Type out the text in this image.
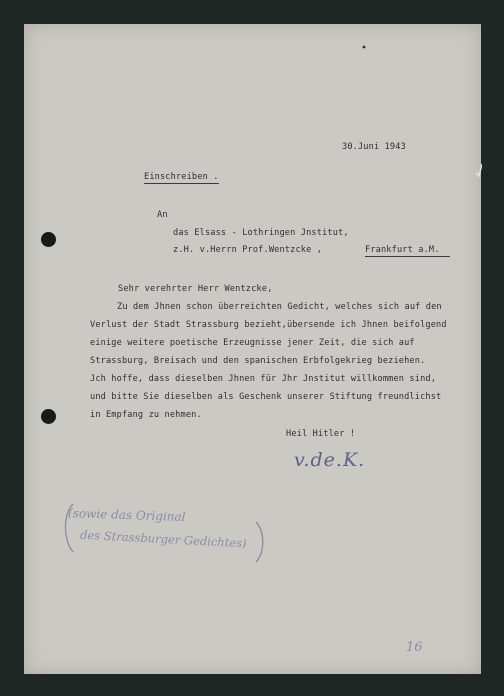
30.Juni 1943

Einschreiben .

An

das Elsass - Lothringen Jnstitut,

z.H. v.Herrn Prof.Wentzcke ,	Frankfurt a.M.

Sehr verehrter Herr Wentzcke,

Zu dem Jhnen schon überreichten Gedicht, welches sich auf den

Verlust der Stadt Strassburg bezieht,übersende ich Jhnen beifolgend

einige weitere poetische Erzeugnisse jener Zeit, die sich auf

Strassburg, Breisach und den spanischen Erbfolgekrieg beziehen.

Jch hoffe, dass dieselben Jhnen für Jhr Jnstitut willkommen sind,

und bitte Sie dieselben als Geschenk unserer Stiftung freundlichst

in Empfang zu nehmen.

Heil Hitler !

v.de.K.
(sowie das Original
des Strassburger Gedichtes)
16
